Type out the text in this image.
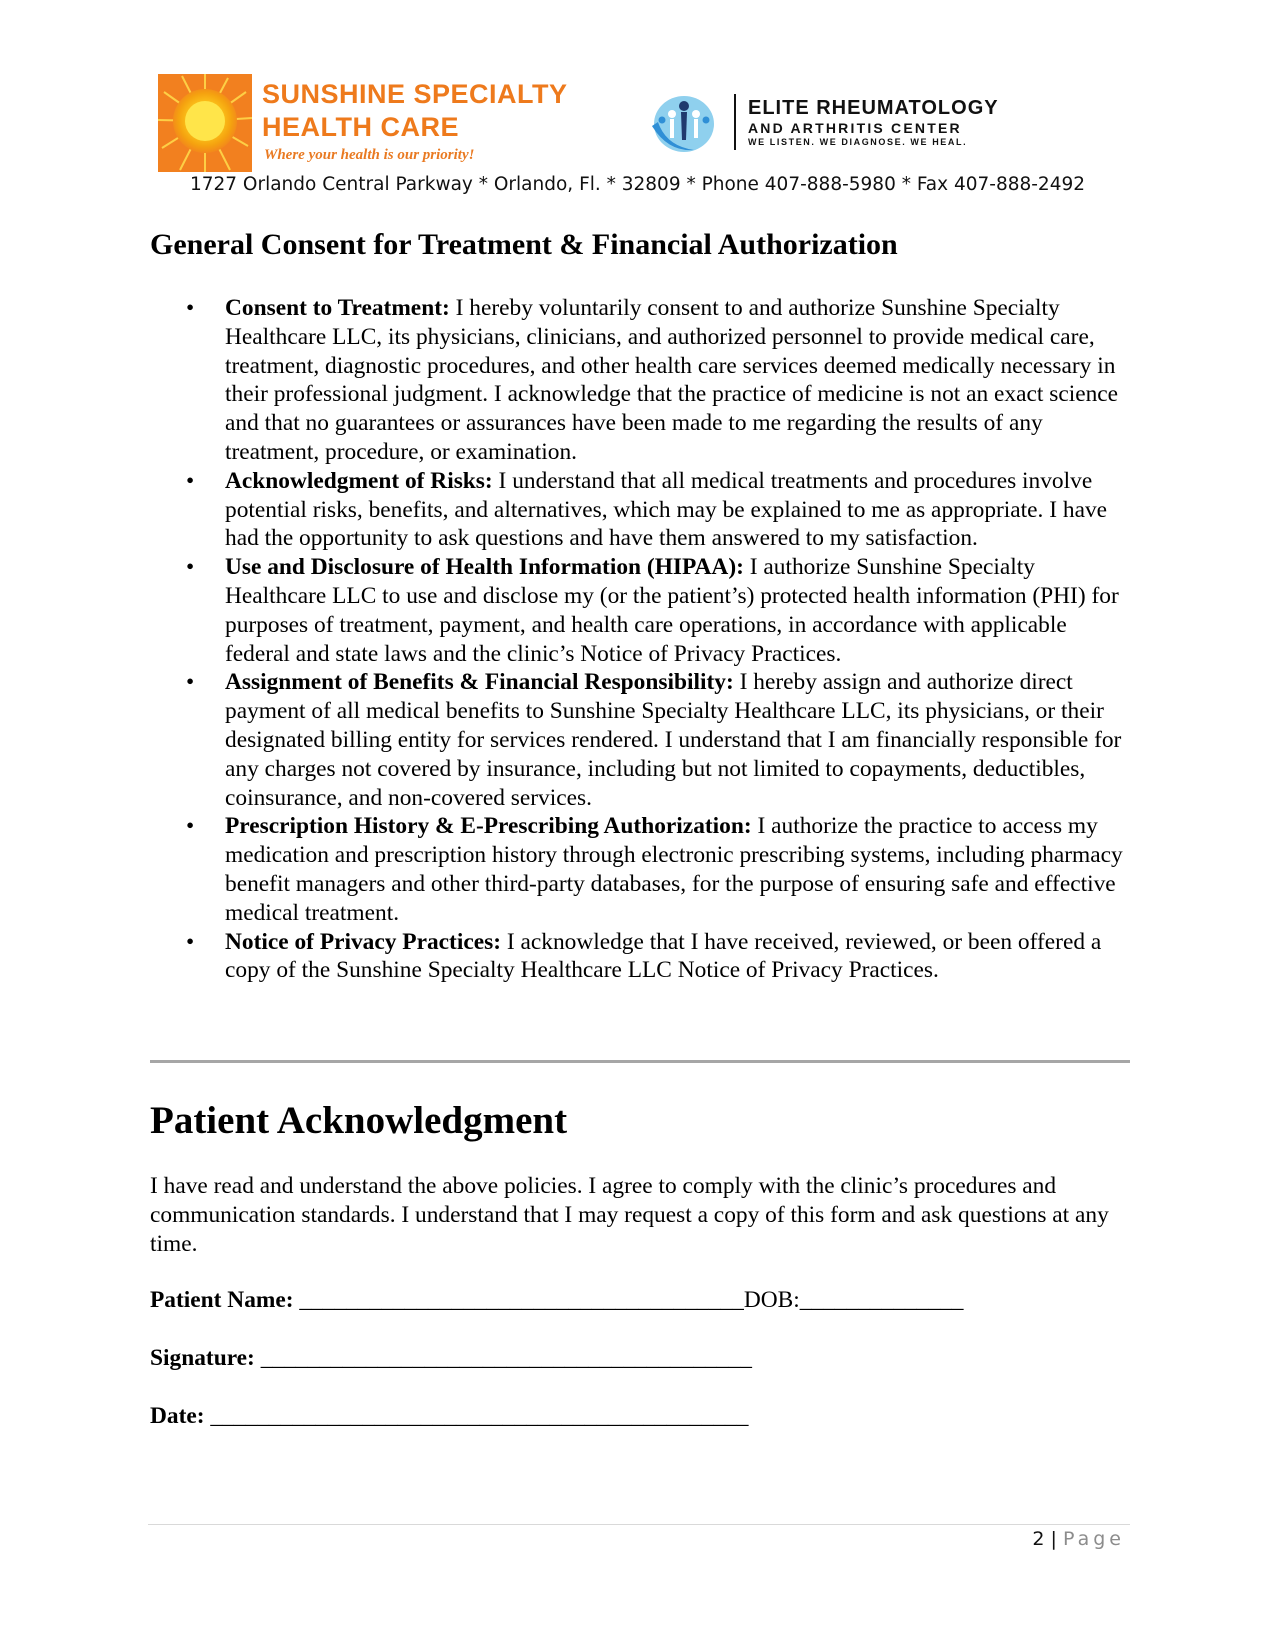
SUNSHINE SPECIALTY
HEALTH CARE
Where your health is our priority!
ELITE RHEUMATOLOGY
AND ARTHRITIS CENTER
WE LISTEN. WE DIAGNOSE. WE HEAL.
1727 Orlando Central Parkway * Orlando, Fl. * 32809 * Phone 407-888-5980 * Fax 407-888-2492
General Consent for Treatment & Financial Authorization
• Consent to Treatment: I hereby voluntarily consent to and authorize Sunshine Specialty Healthcare LLC, its physicians, clinicians, and authorized personnel to provide medical care, treatment, diagnostic procedures, and other health care services deemed medically necessary in their professional judgment. I acknowledge that the practice of medicine is not an exact science and that no guarantees or assurances have been made to me regarding the results of any treatment, procedure, or examination.
• Acknowledgment of Risks: I understand that all medical treatments and procedures involve potential risks, benefits, and alternatives, which may be explained to me as appropriate. I have had the opportunity to ask questions and have them answered to my satisfaction.
• Use and Disclosure of Health Information (HIPAA): I authorize Sunshine Specialty Healthcare LLC to use and disclose my (or the patient’s) protected health information (PHI) for purposes of treatment, payment, and health care operations, in accordance with applicable federal and state laws and the clinic’s Notice of Privacy Practices.
• Assignment of Benefits & Financial Responsibility: I hereby assign and authorize direct payment of all medical benefits to Sunshine Specialty Healthcare LLC, its physicians, or their designated billing entity for services rendered. I understand that I am financially responsible for any charges not covered by insurance, including but not limited to copayments, deductibles, coinsurance, and non-covered services.
• Prescription History & E-Prescribing Authorization: I authorize the practice to access my medication and prescription history through electronic prescribing systems, including pharmacy benefit managers and other third-party databases, for the purpose of ensuring safe and effective medical treatment.
• Notice of Privacy Practices: I acknowledge that I have received, reviewed, or been offered a copy of the Sunshine Specialty Healthcare LLC Notice of Privacy Practices.
Patient Acknowledgment

I have read and understand the above policies. I agree to comply with the clinic’s procedures and communication standards. I understand that I may request a copy of this form and ask questions at any time.

Patient Name: ______________________________________DOB:______________
Signature: __________________________________________
Date: ______________________________________________
2 | Page
